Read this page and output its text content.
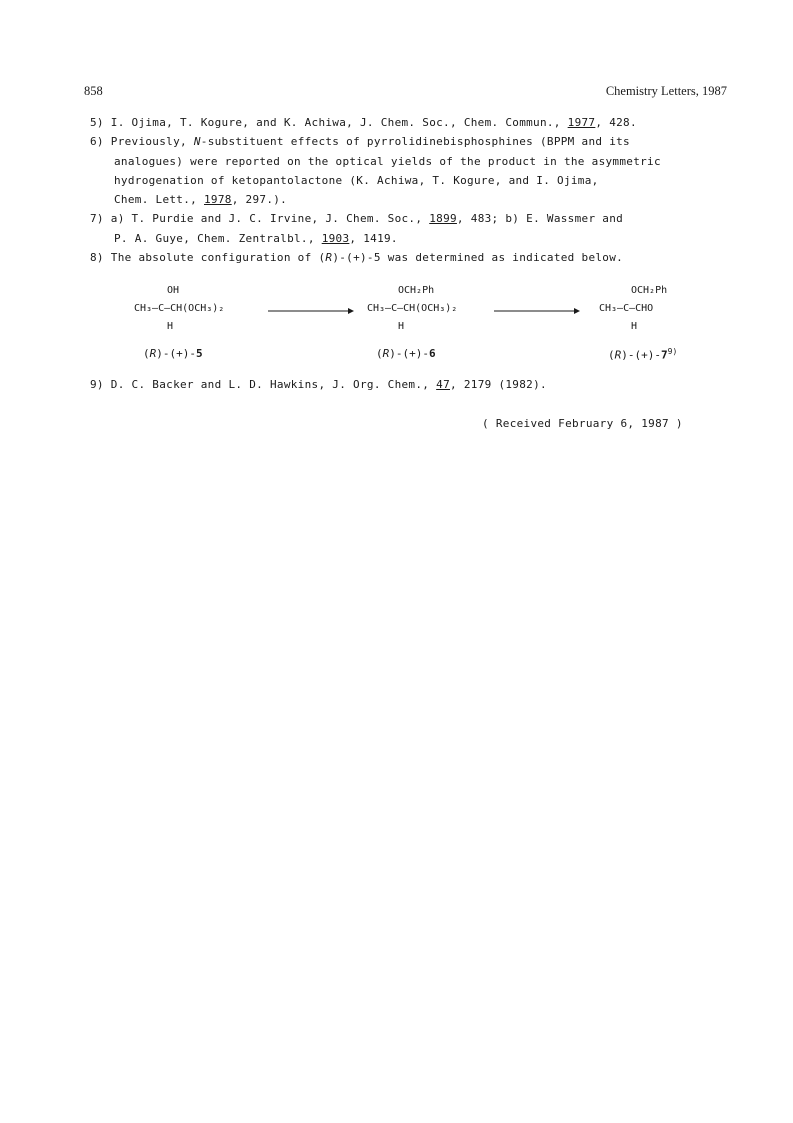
858	Chemistry Letters, 1987
5) I. Ojima, T. Kogure, and K. Achiwa, J. Chem. Soc., Chem. Commun., 1977, 428.
6) Previously, N-substituent effects of pyrrolidinebisphosphines (BPPM and its
analogues) were reported on the optical yields of the product in the asymmetric
hydrogenation of ketopantolactone (K. Achiwa, T. Kogure, and I. Ojima,
Chem. Lett., 1978, 297.).
7) a) T. Purdie and J. C. Irvine, J. Chem. Soc., 1899, 483; b) E. Wassmer and
P. A. Guye, Chem. Zentralbl., 1903, 1419.
8) The absolute configuration of (R)-(+)-5 was determined as indicated below.
OH
CH₃–C–CH(OCH₃)₂
H
(R)-(+)-5
OCH₂Ph
CH₃–C–CH(OCH₃)₂
H
(R)-(+)-6
OCH₂Ph
CH₃–C–CHO
H
$(R)-(+)-7^{9)}$
9) D. C. Backer and L. D. Hawkins, J. Org. Chem., 47, 2179 (1982).
( Received February 6, 1987 )
